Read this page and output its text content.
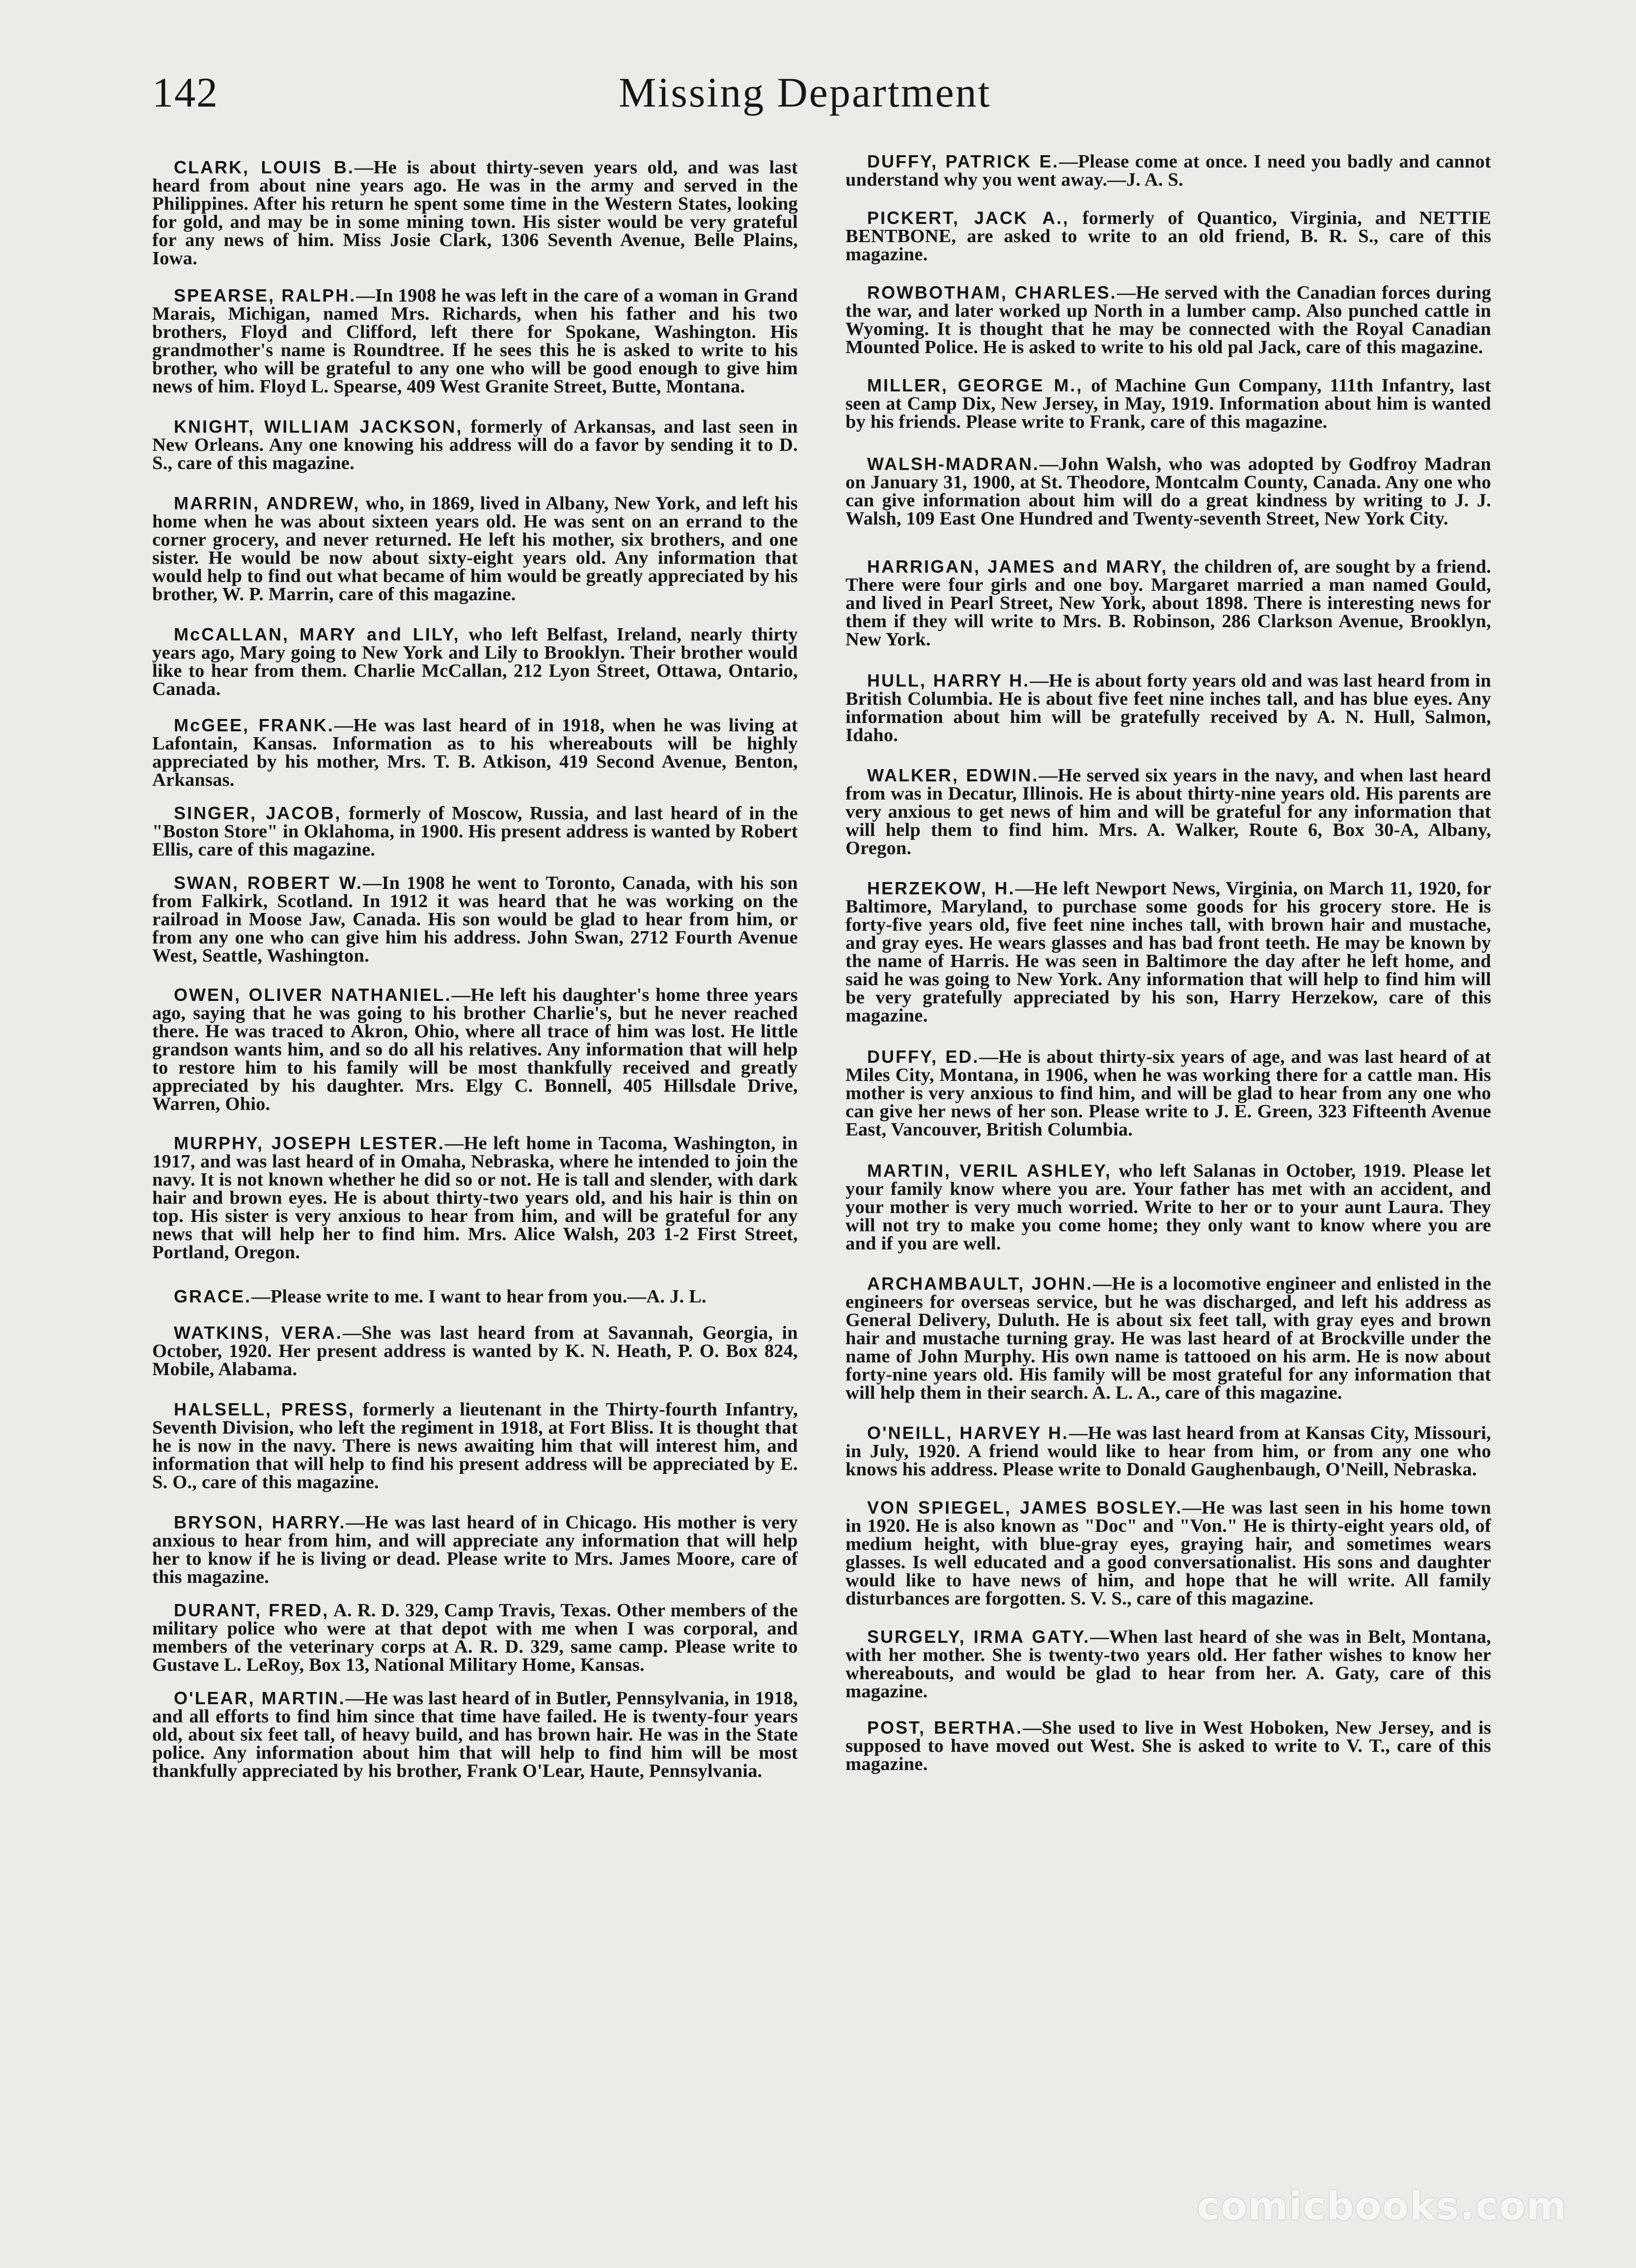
142	Missing Department

CLARK, LOUIS B.—He is about thirty-seven years old, and was last heard from about nine years ago. He was in the army and served in the Philippines. After his return he spent some time in the Western States, looking for gold, and may be in some mining town. His sister would be very grateful for any news of him. Miss Josie Clark, 1306 Seventh Avenue, Belle Plains, Iowa.

SPEARSE, RALPH.—In 1908 he was left in the care of a woman in Grand Marais, Michigan, named Mrs. Richards, when his father and his two brothers, Floyd and Clifford, left there for Spokane, Washington. His grandmother's name is Roundtree. If he sees this he is asked to write to his brother, who will be grateful to any one who will be good enough to give him news of him. Floyd L. Spearse, 409 West Granite Street, Butte, Montana.

KNIGHT, WILLIAM JACKSON, formerly of Arkansas, and last seen in New Orleans. Any one knowing his address will do a favor by sending it to D. S., care of this magazine.

MARRIN, ANDREW, who, in 1869, lived in Albany, New York, and left his home when he was about sixteen years old. He was sent on an errand to the corner grocery, and never returned. He left his mother, six brothers, and one sister. He would be now about sixty-eight years old. Any information that would help to find out what became of him would be greatly appreciated by his brother, W. P. Marrin, care of this magazine.

McCALLAN, MARY and LILY, who left Belfast, Ireland, nearly thirty years ago, Mary going to New York and Lily to Brooklyn. Their brother would like to hear from them. Charlie McCallan, 212 Lyon Street, Ottawa, Ontario, Canada.

McGEE, FRANK.—He was last heard of in 1918, when he was living at Lafontain, Kansas. Information as to his whereabouts will be highly appreciated by his mother, Mrs. T. B. Atkison, 419 Second Avenue, Benton, Arkansas.

SINGER, JACOB, formerly of Moscow, Russia, and last heard of in the "Boston Store" in Oklahoma, in 1900. His present address is wanted by Robert Ellis, care of this magazine.

SWAN, ROBERT W.—In 1908 he went to Toronto, Canada, with his son from Falkirk, Scotland. In 1912 it was heard that he was working on the railroad in Moose Jaw, Canada. His son would be glad to hear from him, or from any one who can give him his address. John Swan, 2712 Fourth Avenue West, Seattle, Washington.

OWEN, OLIVER NATHANIEL.—He left his daughter's home three years ago, saying that he was going to his brother Charlie's, but he never reached there. He was traced to Akron, Ohio, where all trace of him was lost. He little grandson wants him, and so do all his relatives. Any information that will help to restore him to his family will be most thankfully received and greatly appreciated by his daughter. Mrs. Elgy C. Bonnell, 405 Hillsdale Drive, Warren, Ohio.

MURPHY, JOSEPH LESTER.—He left home in Tacoma, Washington, in 1917, and was last heard of in Omaha, Nebraska, where he intended to join the navy. It is not known whether he did so or not. He is tall and slender, with dark hair and brown eyes. He is about thirty-two years old, and his hair is thin on top. His sister is very anxious to hear from him, and will be grateful for any news that will help her to find him. Mrs. Alice Walsh, 203 1-2 First Street, Portland, Oregon.

GRACE.—Please write to me. I want to hear from you.—A. J. L.

WATKINS, VERA.—She was last heard from at Savannah, Georgia, in October, 1920. Her present address is wanted by K. N. Heath, P. O. Box 824, Mobile, Alabama.

HALSELL, PRESS, formerly a lieutenant in the Thirty-fourth Infantry, Seventh Division, who left the regiment in 1918, at Fort Bliss. It is thought that he is now in the navy. There is news awaiting him that will interest him, and information that will help to find his present address will be appreciated by E. S. O., care of this magazine.

BRYSON, HARRY.—He was last heard of in Chicago. His mother is very anxious to hear from him, and will appreciate any information that will help her to know if he is living or dead. Please write to Mrs. James Moore, care of this magazine.

DURANT, FRED, A. R. D. 329, Camp Travis, Texas. Other members of the military police who were at that depot with me when I was corporal, and members of the veterinary corps at A. R. D. 329, same camp. Please write to Gustave L. LeRoy, Box 13, National Military Home, Kansas.

O'LEAR, MARTIN.—He was last heard of in Butler, Pennsylvania, in 1918, and all efforts to find him since that time have failed. He is twenty-four years old, about six feet tall, of heavy build, and has brown hair. He was in the State police. Any information about him that will help to find him will be most thankfully appreciated by his brother, Frank O'Lear, Haute, Pennsylvania.

DUFFY, PATRICK E.—Please come at once. I need you badly and cannot understand why you went away.—J. A. S.

PICKERT, JACK A., formerly of Quantico, Virginia, and NETTIE BENTBONE, are asked to write to an old friend, B. R. S., care of this magazine.

ROWBOTHAM, CHARLES.—He served with the Canadian forces during the war, and later worked up North in a lumber camp. Also punched cattle in Wyoming. It is thought that he may be connected with the Royal Canadian Mounted Police. He is asked to write to his old pal Jack, care of this magazine.

MILLER, GEORGE M., of Machine Gun Company, 111th Infantry, last seen at Camp Dix, New Jersey, in May, 1919. Information about him is wanted by his friends. Please write to Frank, care of this magazine.

WALSH-MADRAN.—John Walsh, who was adopted by Godfroy Madran on January 31, 1900, at St. Theodore, Montcalm County, Canada. Any one who can give information about him will do a great kindness by writing to J. J. Walsh, 109 East One Hundred and Twenty-seventh Street, New York City.

HARRIGAN, JAMES and MARY, the children of, are sought by a friend. There were four girls and one boy. Margaret married a man named Gould, and lived in Pearl Street, New York, about 1898. There is interesting news for them if they will write to Mrs. B. Robinson, 286 Clarkson Avenue, Brooklyn, New York.

HULL, HARRY H.—He is about forty years old and was last heard from in British Columbia. He is about five feet nine inches tall, and has blue eyes. Any information about him will be gratefully received by A. N. Hull, Salmon, Idaho.

WALKER, EDWIN.—He served six years in the navy, and when last heard from was in Decatur, Illinois. He is about thirty-nine years old. His parents are very anxious to get news of him and will be grateful for any information that will help them to find him. Mrs. A. Walker, Route 6, Box 30-A, Albany, Oregon.

HERZEKOW, H.—He left Newport News, Virginia, on March 11, 1920, for Baltimore, Maryland, to purchase some goods for his grocery store. He is forty-five years old, five feet nine inches tall, with brown hair and mustache, and gray eyes. He wears glasses and has bad front teeth. He may be known by the name of Harris. He was seen in Baltimore the day after he left home, and said he was going to New York. Any information that will help to find him will be very gratefully appreciated by his son, Harry Herzekow, care of this magazine.

DUFFY, ED.—He is about thirty-six years of age, and was last heard of at Miles City, Montana, in 1906, when he was working there for a cattle man. His mother is very anxious to find him, and will be glad to hear from any one who can give her news of her son. Please write to J. E. Green, 323 Fifteenth Avenue East, Vancouver, British Columbia.

MARTIN, VERIL ASHLEY, who left Salanas in October, 1919. Please let your family know where you are. Your father has met with an accident, and your mother is very much worried. Write to her or to your aunt Laura. They will not try to make you come home; they only want to know where you are and if you are well.

ARCHAMBAULT, JOHN.—He is a locomotive engineer and enlisted in the engineers for overseas service, but he was discharged, and left his address as General Delivery, Duluth. He is about six feet tall, with gray eyes and brown hair and mustache turning gray. He was last heard of at Brockville under the name of John Murphy. His own name is tattooed on his arm. He is now about forty-nine years old. His family will be most grateful for any information that will help them in their search. A. L. A., care of this magazine.

O'NEILL, HARVEY H.—He was last heard from at Kansas City, Missouri, in July, 1920. A friend would like to hear from him, or from any one who knows his address. Please write to Donald Gaughenbaugh, O'Neill, Nebraska.

VON SPIEGEL, JAMES BOSLEY.—He was last seen in his home town in 1920. He is also known as "Doc" and "Von." He is thirty-eight years old, of medium height, with blue-gray eyes, graying hair, and sometimes wears glasses. Is well educated and a good conversationalist. His sons and daughter would like to have news of him, and hope that he will write. All family disturbances are forgotten. S. V. S., care of this magazine.

SURGELY, IRMA GATY.—When last heard of she was in Belt, Montana, with her mother. She is twenty-two years old. Her father wishes to know her whereabouts, and would be glad to hear from her. A. Gaty, care of this magazine.

POST, BERTHA.—She used to live in West Hoboken, New Jersey, and is supposed to have moved out West. She is asked to write to V. T., care of this magazine.

comicbooks.com
